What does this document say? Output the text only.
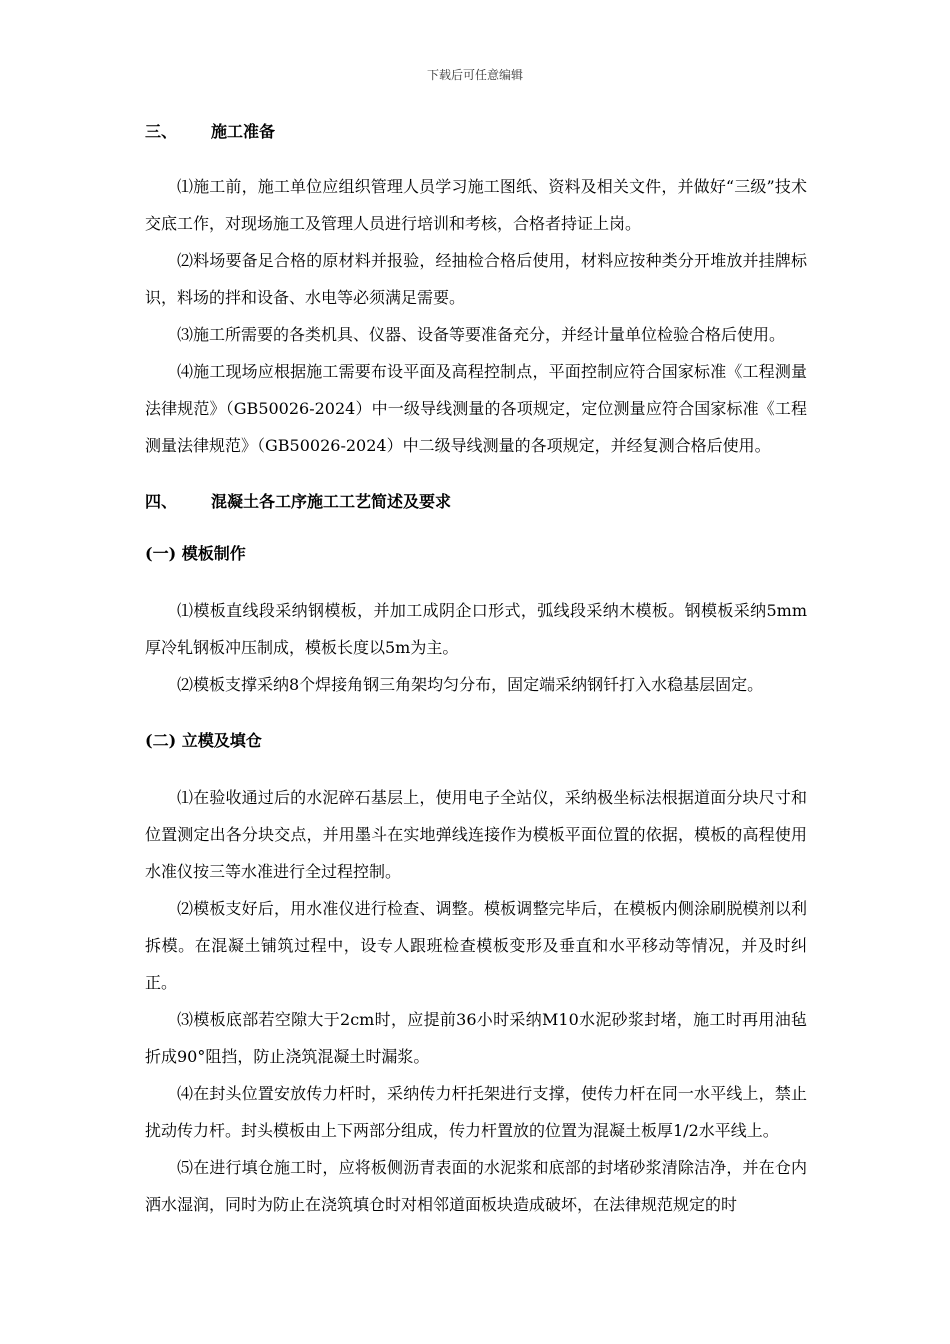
下载后可任意编辑
三、 施工准备

⑴施工前，施工单位应组织管理人员学习施工图纸、资料及相关文件，并做好“三级”技术交底工作，对现场施工及管理人员进行培训和考核，合格者持证上岗。

⑵料场要备足合格的原材料并报验，经抽检合格后使用，材料应按种类分开堆放并挂牌标识，料场的拌和设备、水电等必须满足需要。

⑶施工所需要的各类机具、仪器、设备等要准备充分，并经计量单位检验合格后使用。

⑷施工现场应根据施工需要布设平面及高程控制点，平面控制应符合国家标准《工程测量法律规范》（GB50026-2024）中一级导线测量的各项规定，定位测量应符合国家标准《工程测量法律规范》（GB50026-2024）中二级导线测量的各项规定，并经复测合格后使用。

四、 混凝土各工序施工工艺简述及要求
(一) 模板制作

⑴模板直线段采纳钢模板，并加工成阴企口形式，弧线段采纳木模板。钢模板采纳5mm厚冷轧钢板冲压制成，模板长度以5m为主。

⑵模板支撑采纳8个焊接角钢三角架均匀分布，固定端采纳钢钎打入水稳基层固定。

(二) 立模及填仓

⑴在验收通过后的水泥碎石基层上，使用电子全站仪，采纳极坐标法根据道面分块尺寸和位置测定出各分块交点，并用墨斗在实地弹线连接作为模板平面位置的依据，模板的高程使用水准仪按三等水准进行全过程控制。

⑵模板支好后，用水准仪进行检查、调整。模板调整完毕后，在模板内侧涂刷脱模剂以利拆模。在混凝土铺筑过程中，设专人跟班检查模板变形及垂直和水平移动等情况，并及时纠正。

⑶模板底部若空隙大于2cm时，应提前36小时采纳M10水泥砂浆封堵，施工时再用油毡折成90°阻挡，防止浇筑混凝土时漏浆。

⑷在封头位置安放传力杆时，采纳传力杆托架进行支撑，使传力杆在同一水平线上，禁止扰动传力杆。封头模板由上下两部分组成，传力杆置放的位置为混凝土板厚1/2水平线上。

⑸在进行填仓施工时，应将板侧沥青表面的水泥浆和底部的封堵砂浆清除洁净，并在仓内洒水湿润，同时为防止在浇筑填仓时对相邻道面板块造成破坏，在法律规范规定的时
